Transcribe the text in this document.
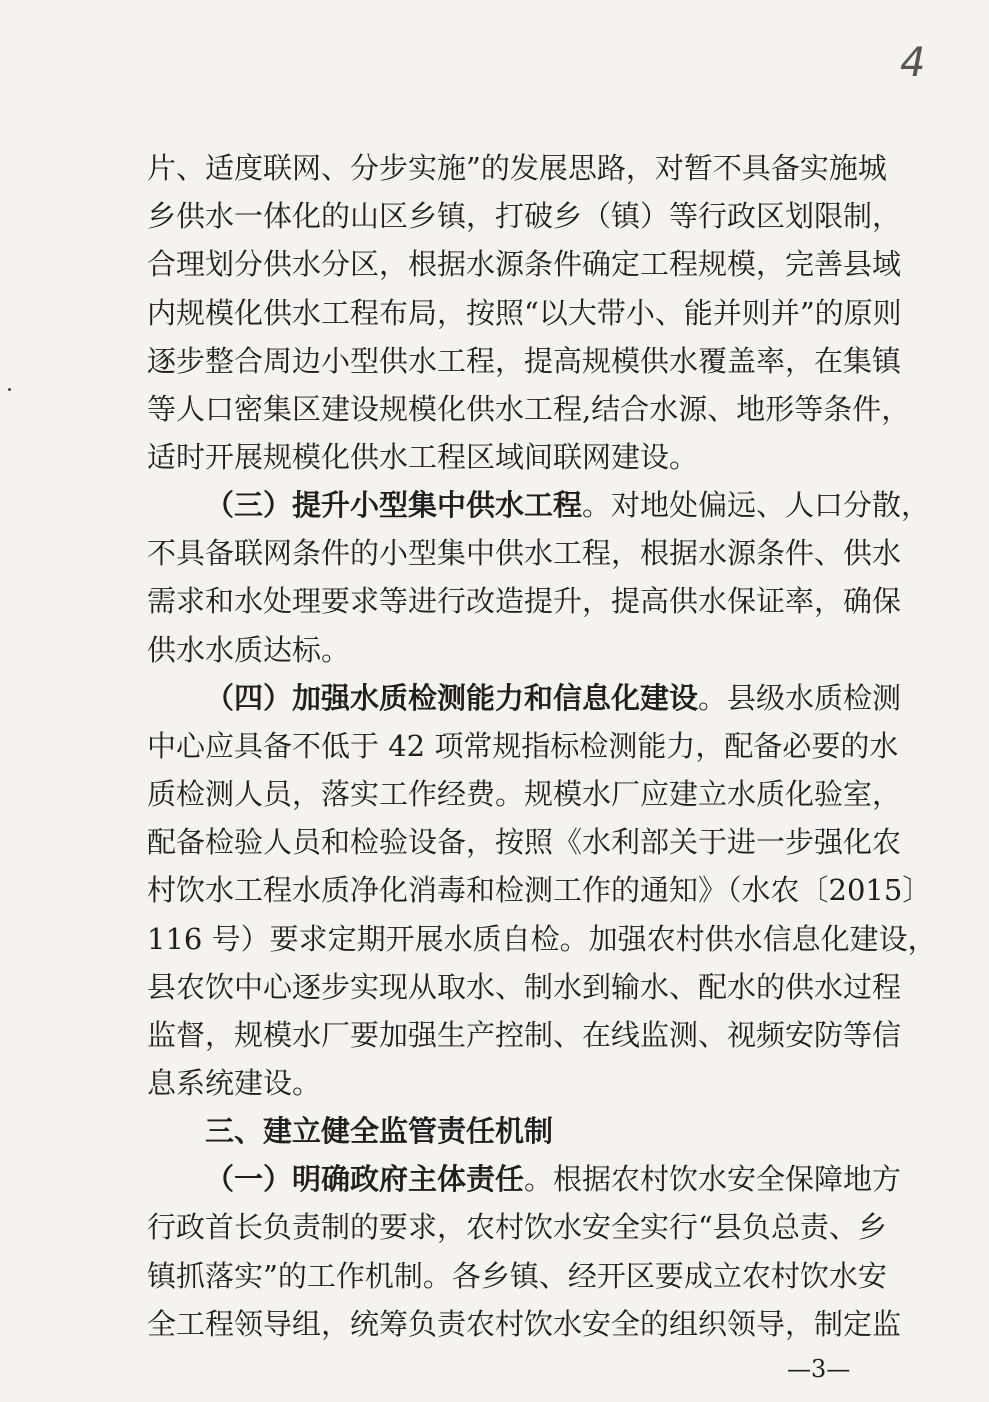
4
片、适度联网、分步实施”的发展思路，对暂不具备实施城
乡供水一体化的山区乡镇，打破乡（镇）等行政区划限制，
合理划分供水分区，根据水源条件确定工程规模，完善县域
内规模化供水工程布局，按照“以大带小、能并则并”的原则
逐步整合周边小型供水工程，提高规模供水覆盖率，在集镇
等人口密集区建设规模化供水工程,结合水源、地形等条件，
适时开展规模化供水工程区域间联网建设。
（三）提升小型集中供水工程。对地处偏远、人口分散，
不具备联网条件的小型集中供水工程，根据水源条件、供水
需求和水处理要求等进行改造提升，提高供水保证率，确保
供水水质达标。
（四）加强水质检测能力和信息化建设。县级水质检测
中心应具备不低于 42 项常规指标检测能力，配备必要的水
质检测人员，落实工作经费。规模水厂应建立水质化验室，
配备检验人员和检验设备，按照《水利部关于进一步强化农
村饮水工程水质净化消毒和检测工作的通知》（水农〔2015〕
116 号）要求定期开展水质自检。加强农村供水信息化建设，
县农饮中心逐步实现从取水、制水到输水、配水的供水过程
监督，规模水厂要加强生产控制、在线监测、视频安防等信
息系统建设。
三、建立健全监管责任机制
（一）明确政府主体责任。根据农村饮水安全保障地方
行政首长负责制的要求，农村饮水安全实行“县负总责、乡
镇抓落实”的工作机制。各乡镇、经开区要成立农村饮水安
全工程领导组，统筹负责农村饮水安全的组织领导，制定监
—3—
